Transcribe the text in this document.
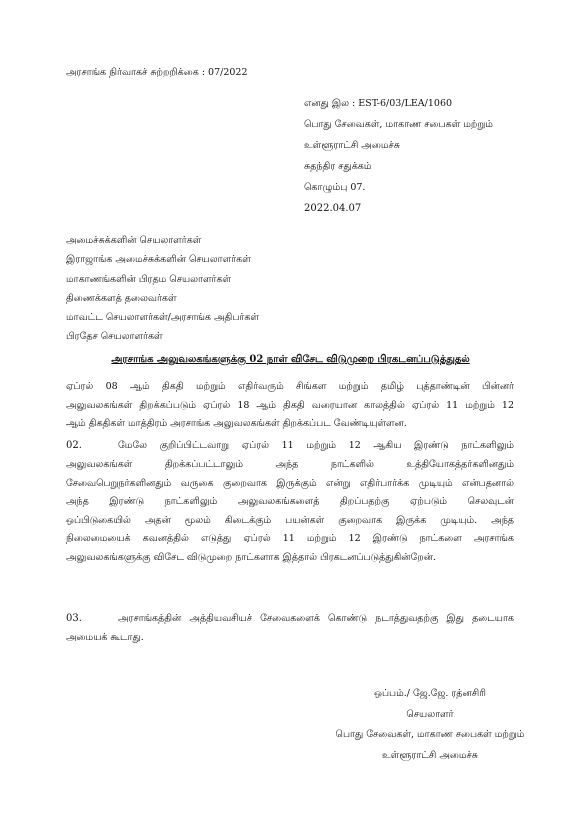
அரசாங்க நிர்வாகச் சுற்றறிக்கை : 07/2022
எனது இல : EST-6/03/LEA/1060
பொது சேவைகள், மாகாண சபைகள் மற்றும்
உள்ளூராட்சி அமைச்சு
சுதந்திர சதுக்கம்
கொழும்பு 07.
2022.04.07
அமைச்சுக்களின் செயலாளர்கள்
இராஜாங்க அமைச்சுக்களின் செயலாளர்கள்
மாகாணங்களின் பிரதம செயலாளர்கள்
திணைக்களத் தலைவர்கள்
மாவட்ட செயலாளர்கள்/அரசாங்க அதிபர்கள்
பிரதேச செயலாளர்கள்
அரசாங்க அலுவலகங்களுக்கு 02 நாள் விசேட விடுமுறை பிரகடனப்படுத்துதல்
ஏப்ரல் 08 ஆம் திகதி மற்றும் எதிர்வரும் சிங்கள மற்றும் தமிழ் புத்தாண்டின் பின்னர்
அலுவலகங்கள் திறக்கப்படும் ஏப்ரல் 18 ஆம் திகதி வரையான காலத்தில் ஏப்ரல் 11 மற்றும் 12
ஆம் திகதிகள் மாத்திரம் அரசாங்க அலுவலகங்கள் திறக்கப்பட வேண்டியுள்ளன.
02.	மேலே குறிப்பிட்டவாறு ஏப்ரல் 11 மற்றும் 12 ஆகிய இரண்டு நாட்களிலும்
அலுவலகங்கள் திறக்கப்பட்டாலும் அந்த நாட்களில் உத்தியோகத்தர்களினதும்
சேவைபெறுநர்களினதும் வருகை குறைவாக இருக்கும் என்று எதிர்பார்க்க முடியும் என்பதனால்
அந்த இரண்டு நாட்களிலும் அலுவலகங்களைத் திறப்பதற்கு ஏற்படும் செலவுடன்
ஒப்பிடுகையில் அதன் மூலம் கிடைக்கும் பயன்கள் குறைவாக இருக்க முடியும். அந்த
நிலைமையைக் கவனத்தில் எடுத்து ஏப்ரல் 11 மற்றும் 12 இரண்டு நாட்களை அரசாங்க
அலுவலகங்களுக்கு விசேட விடுமுறை நாட்களாக இத்தால் பிரகடனப்படுத்துகின்றேன்.
03.	அரசாங்கத்தின் அத்தியவசியச் சேவைகளைக் கொண்டு நடாத்துவதற்கு இது தடையாக
அமையக் கூடாது.
ஒப்பம்./ ஜே.ஜே. ரத்னசிரி
செயலாளர்
பொது சேவைகள், மாகாண சபைகள் மற்றும்
உள்ளூராட்சி அமைச்சு
